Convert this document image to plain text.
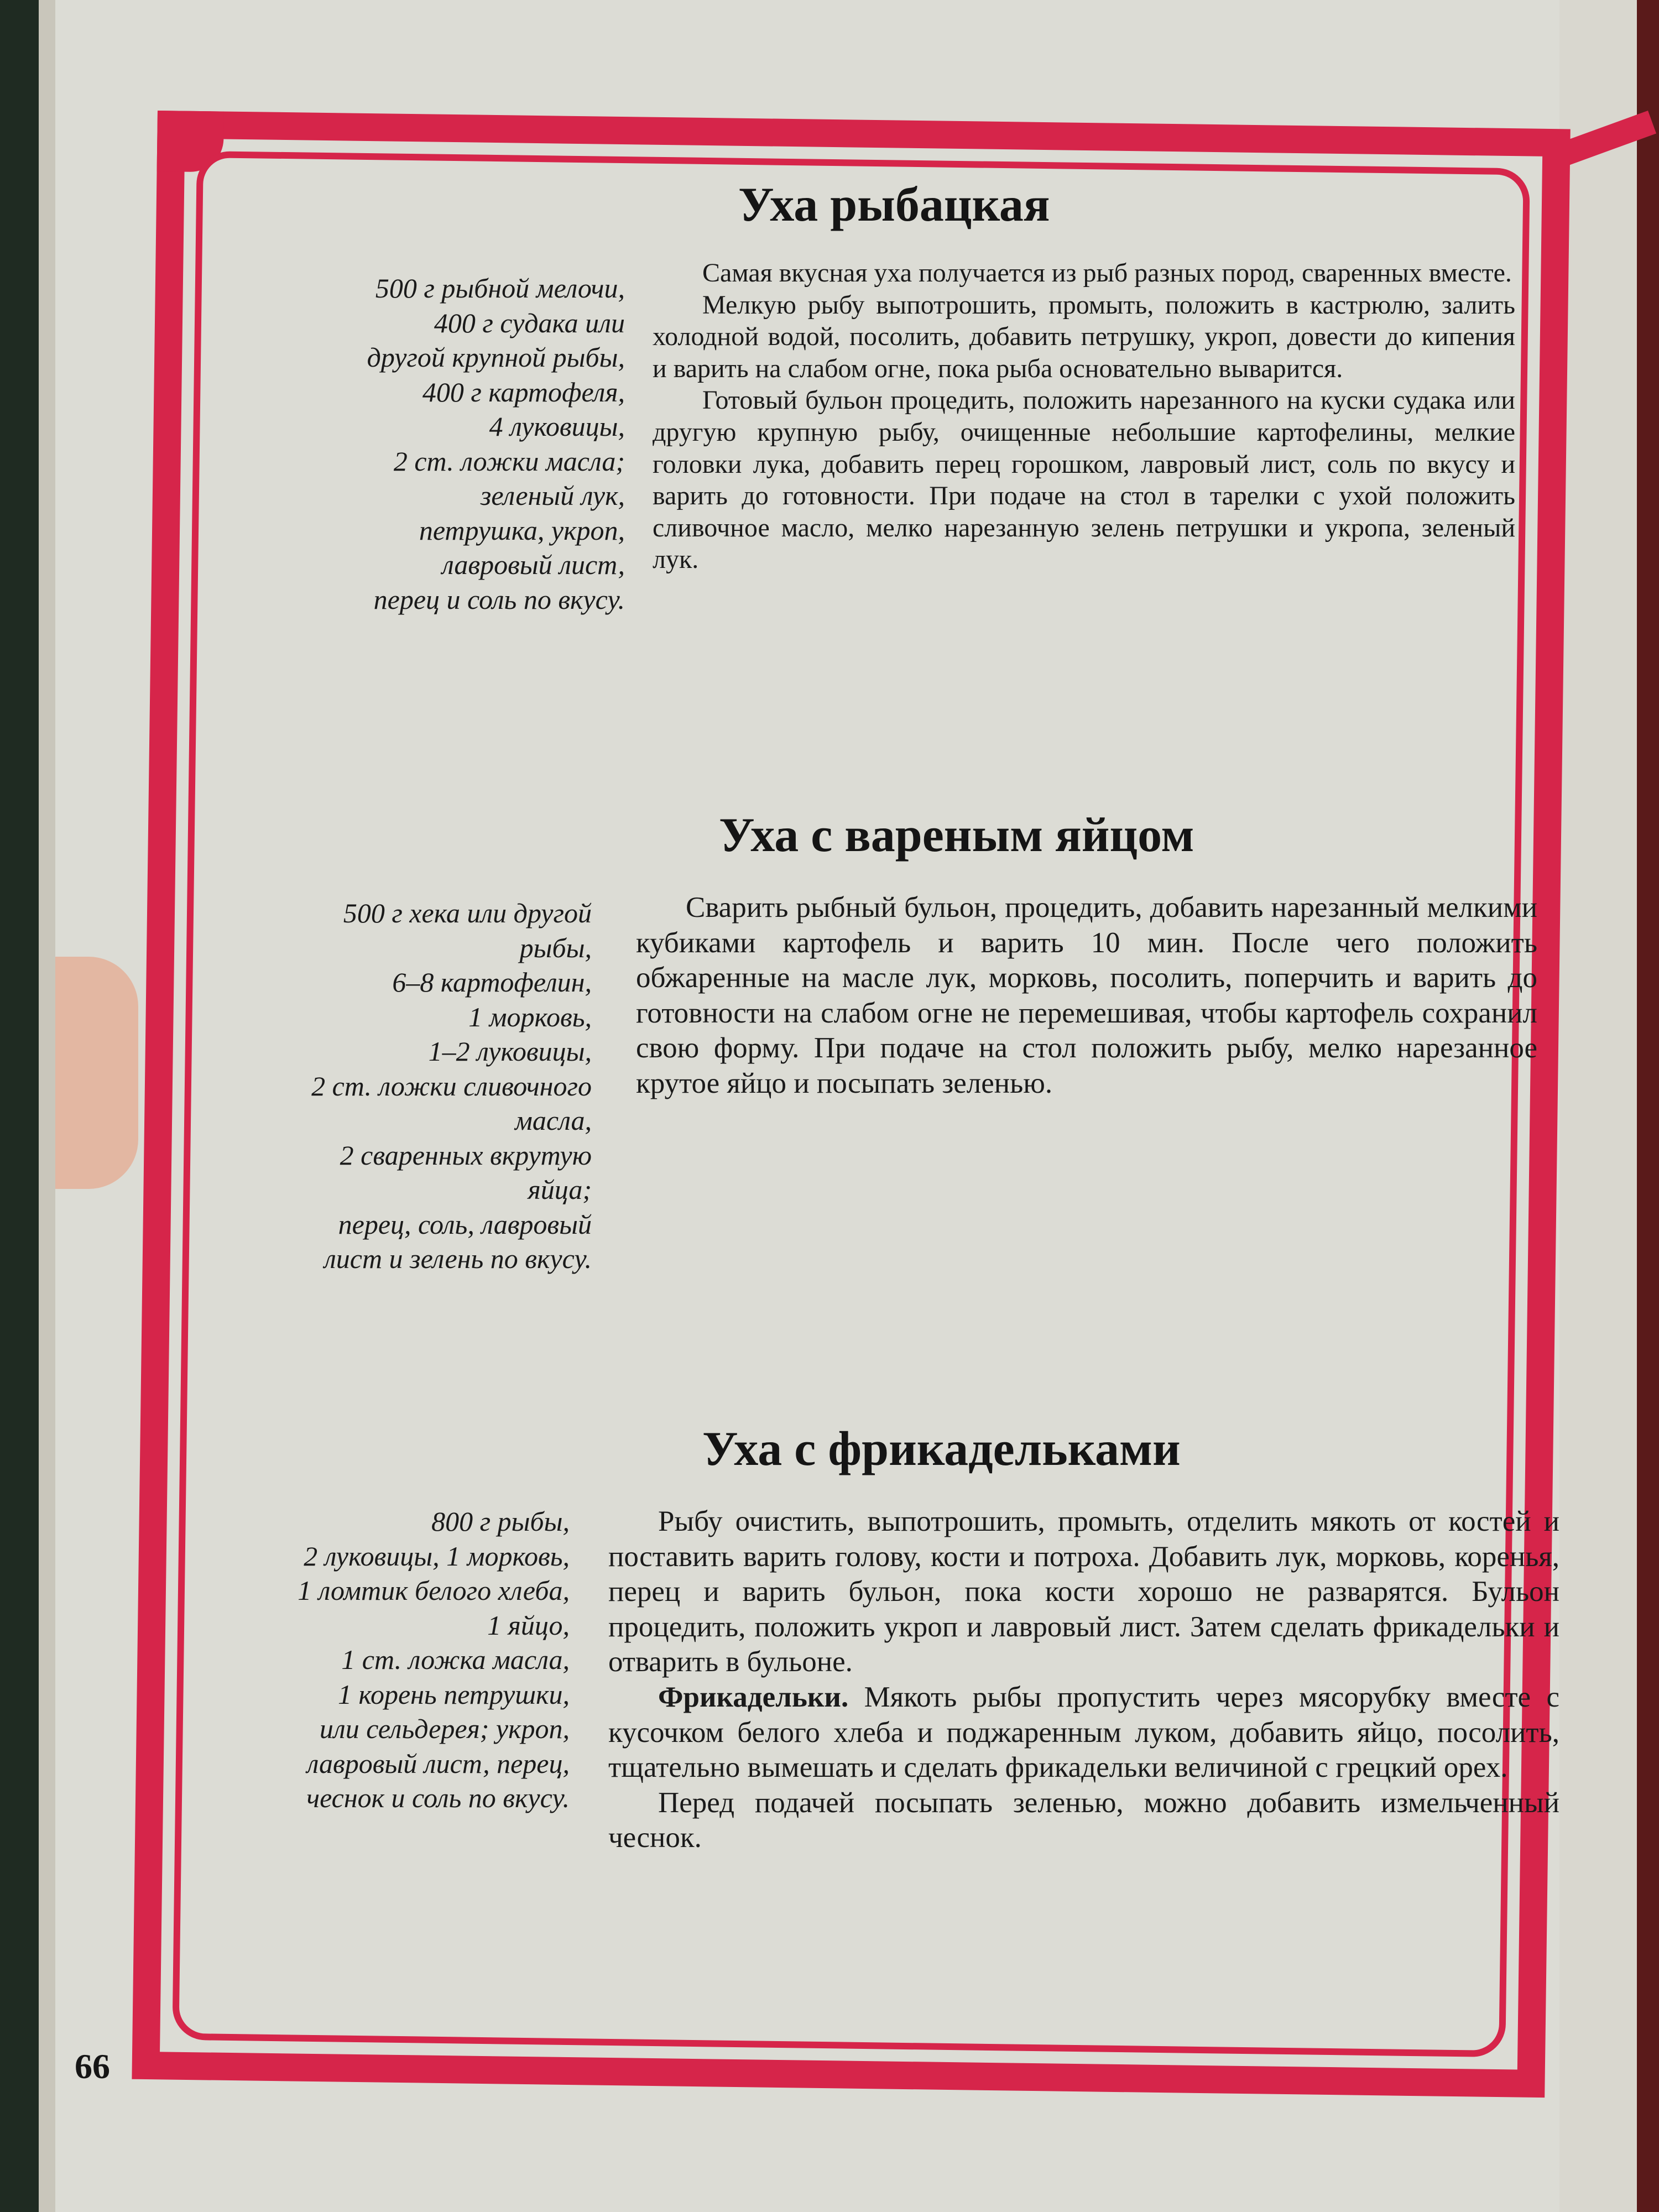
Уха рыбацкая
500 г рыбной мелочи,
400 г судака или
другой крупной рыбы,
400 г картофеля,
4 луковицы,
2 ст. ложки масла;
зеленый лук,
петрушка, укроп,
лавровый лист,
перец и соль по вкусу.

Самая вкусная уха получается из рыб разных пород, сваренных вместе.

Мелкую рыбу выпотрошить, промыть, положить в кастрюлю, залить холодной водой, посолить, добавить петрушку, укроп, довести до кипения и варить на слабом огне, пока рыба основательно выварится.

Готовый бульон процедить, положить нарезанного на куски судака или другую крупную рыбу, очищенные небольшие картофелины, мелкие головки лука, добавить перец горошком, лавровый лист, соль по вкусу и варить до готовности. При подаче на стол в тарелки с ухой положить сливочное масло, мелко нарезанную зелень петрушки и укропа, зеленый лук.

Уха с вареным яйцом
500 г хека или другой
рыбы,
6–8 картофелин,
1 морковь,
1–2 луковицы,
2 ст. ложки сливочного
масла,
2 сваренных вкрутую
яйца;
перец, соль, лавровый
лист и зелень по вкусу.

Сварить рыбный бульон, процедить, добавить нарезанный мелкими кубиками картофель и варить 10 мин. После чего положить обжаренные на масле лук, морковь, посолить, поперчить и варить до готовности на слабом огне не перемешивая, чтобы картофель сохранил свою форму. При подаче на стол положить рыбу, мелко нарезанное крутое яйцо и посыпать зеленью.

Уха с фрикадельками
800 г рыбы,
2 луковицы, 1 морковь,
1 ломтик белого хлеба,
1 яйцо,
1 ст. ложка масла,
1 корень петрушки,
или сельдерея; укроп,
лавровый лист, перец,
чеснок и соль по вкусу.

Рыбу очистить, выпотрошить, промыть, отделить мякоть от костей и поставить варить голову, кости и потроха. Добавить лук, морковь, коренья, перец и варить бульон, пока кости хорошо не разварятся. Бульон процедить, положить укроп и лавровый лист. Затем сделать фрикадельки и отварить в бульоне.

Фрикадельки. Мякоть рыбы пропустить через мясорубку вместе с кусочком белого хлеба и поджаренным луком, добавить яйцо, посолить, тщательно вымешать и сделать фрикадельки величиной с грецкий орех.

Перед подачей посыпать зеленью, можно добавить измельченный чеснок.

66
